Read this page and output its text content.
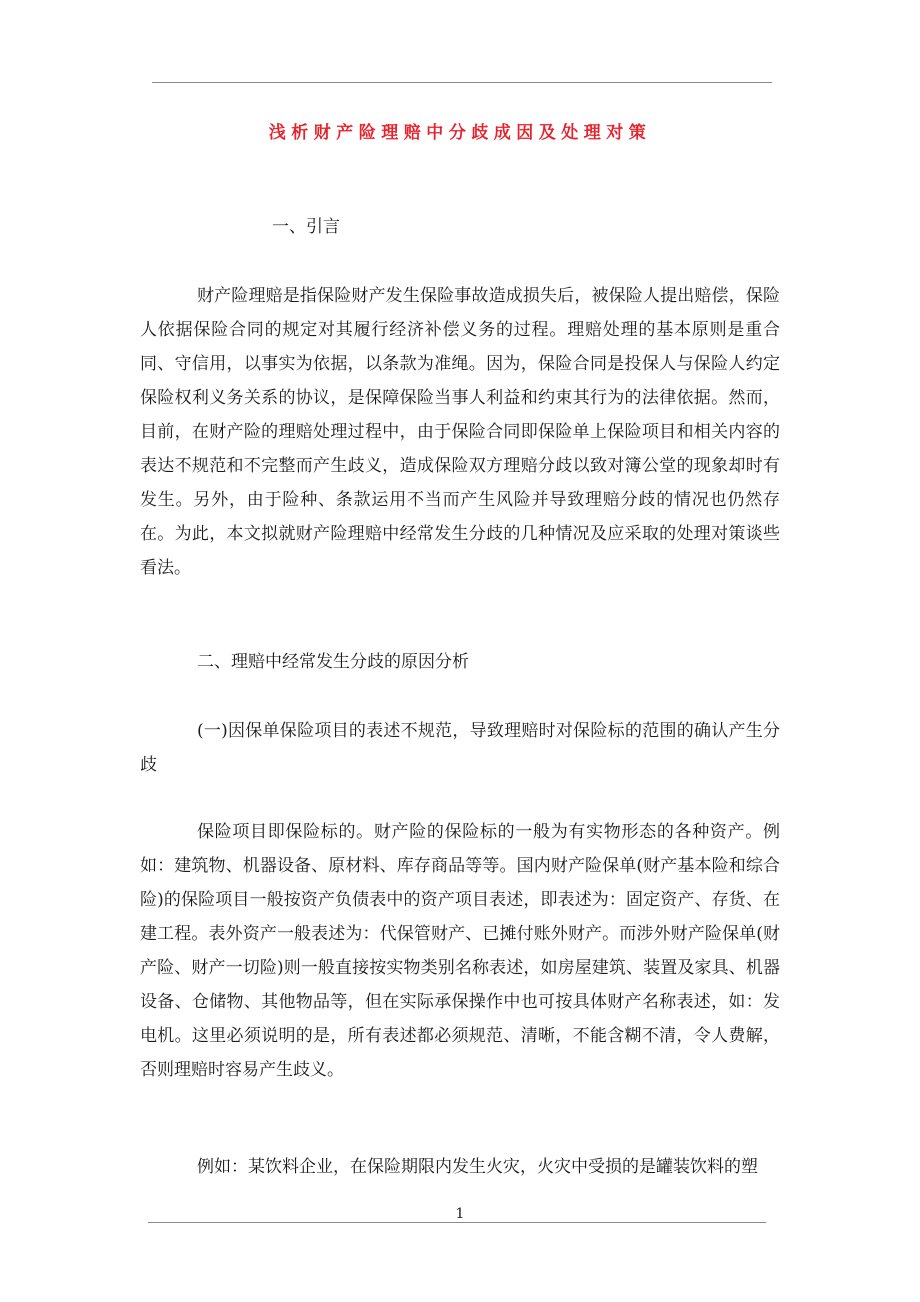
浅析财产险理赔中分歧成因及处理对策
一、引言
财产险理赔是指保险财产发生保险事故造成损失后，被保险人提出赔偿，保险人依据保险合同的规定对其履行经济补偿义务的过程。理赔处理的基本原则是重合同、守信用，以事实为依据，以条款为准绳。因为，保险合同是投保人与保险人约定保险权利义务关系的协议，是保障保险当事人利益和约束其行为的法律依据。然而，目前，在财产险的理赔处理过程中，由于保险合同即保险单上保险项目和相关内容的表达不规范和不完整而产生歧义，造成保险双方理赔分歧以致对簿公堂的现象却时有发生。另外，由于险种、条款运用不当而产生风险并导致理赔分歧的情况也仍然存在。为此，本文拟就财产险理赔中经常发生分歧的几种情况及应采取的处理对策谈些看法。
二、理赔中经常发生分歧的原因分析
(一)因保单保险项目的表述不规范，导致理赔时对保险标的范围的确认产生分歧
保险项目即保险标的。财产险的保险标的一般为有实物形态的各种资产。例如：建筑物、机器设备、原材料、库存商品等等。国内财产险保单(财产基本险和综合险)的保险项目一般按资产负债表中的资产项目表述，即表述为：固定资产、存货、在建工程。表外资产一般表述为：代保管财产、已摊付账外财产。而涉外财产险保单(财产险、财产一切险)则一般直接按实物类别名称表述，如房屋建筑、装置及家具、机器设备、仓储物、其他物品等，但在实际承保操作中也可按具体财产名称表述，如：发电机。这里必须说明的是，所有表述都必须规范、清晰，不能含糊不清，令人费解，否则理赔时容易产生歧义。
例如：某饮料企业，在保险期限内发生火灾，火灾中受损的是罐装饮料的塑
1
